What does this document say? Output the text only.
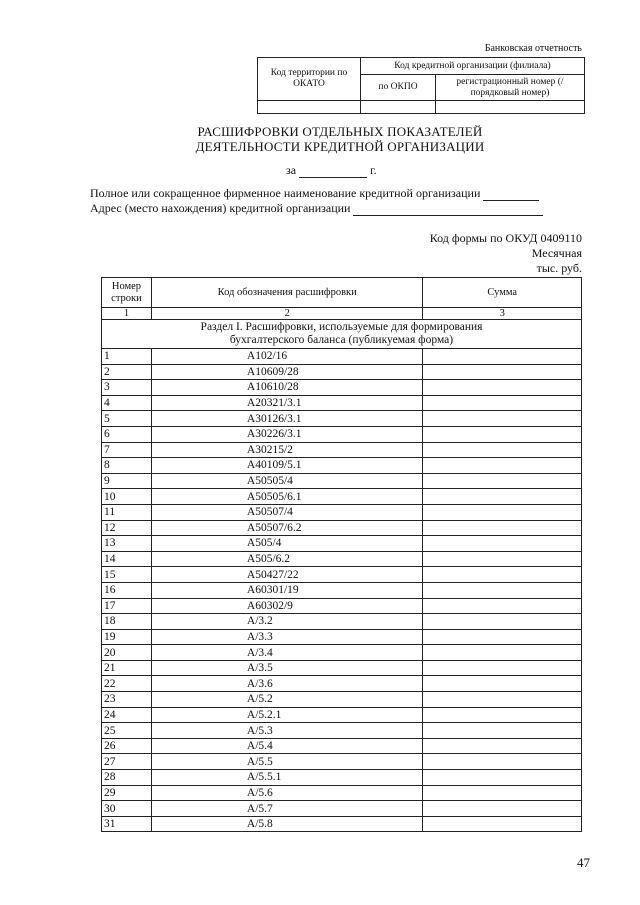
Банковская отчетность
Код территории по ОКАТО	Код кредитной организации (филиала)	
	по ОКПО	регистрационный номер (/порядковый номер)

РАСШИФРОВКИ ОТДЕЛЬНЫХ ПОКАЗАТЕЛЕЙ
ДЕЯТЕЛЬНОСТИ КРЕДИТНОЙ ОРГАНИЗАЦИИ
за	г.
Полное или сокращенное фирменное наименование кредитной организации
Адрес (место нахождения) кредитной организации
Код формы по ОКУД 0409110
Месячная
тыс. руб.
Номер строки	Код обозначения расшифровки	Сумма
1	2	3

Раздел I. Расшифровки, используемые для формирования
бухгалтерского баланса (публикуемая форма)		

1	А102/16	
2	А10609/28	
3	А10610/28	
4	А20321/3.1	
5	А30126/3.1	
6	А30226/3.1	
7	А30215/2	
8	А40109/5.1	
9	А50505/4	
10	А50505/6.1	
11	А50507/4	
12	А50507/6.2	
13	А505/4	
14	А505/6.2	
15	А50427/22	
16	А60301/19	
17	А60302/9	
18	А/3.2	
19	А/3.3	
20	А/3.4	
21	А/3.5	
22	А/3.6	
23	А/5.2	
24	А/5.2.1	
25	А/5.3	
26	А/5.4	
27	А/5.5	
28	А/5.5.1	
29	А/5.6	
30	А/5.7	
31	А/5.8	
47
